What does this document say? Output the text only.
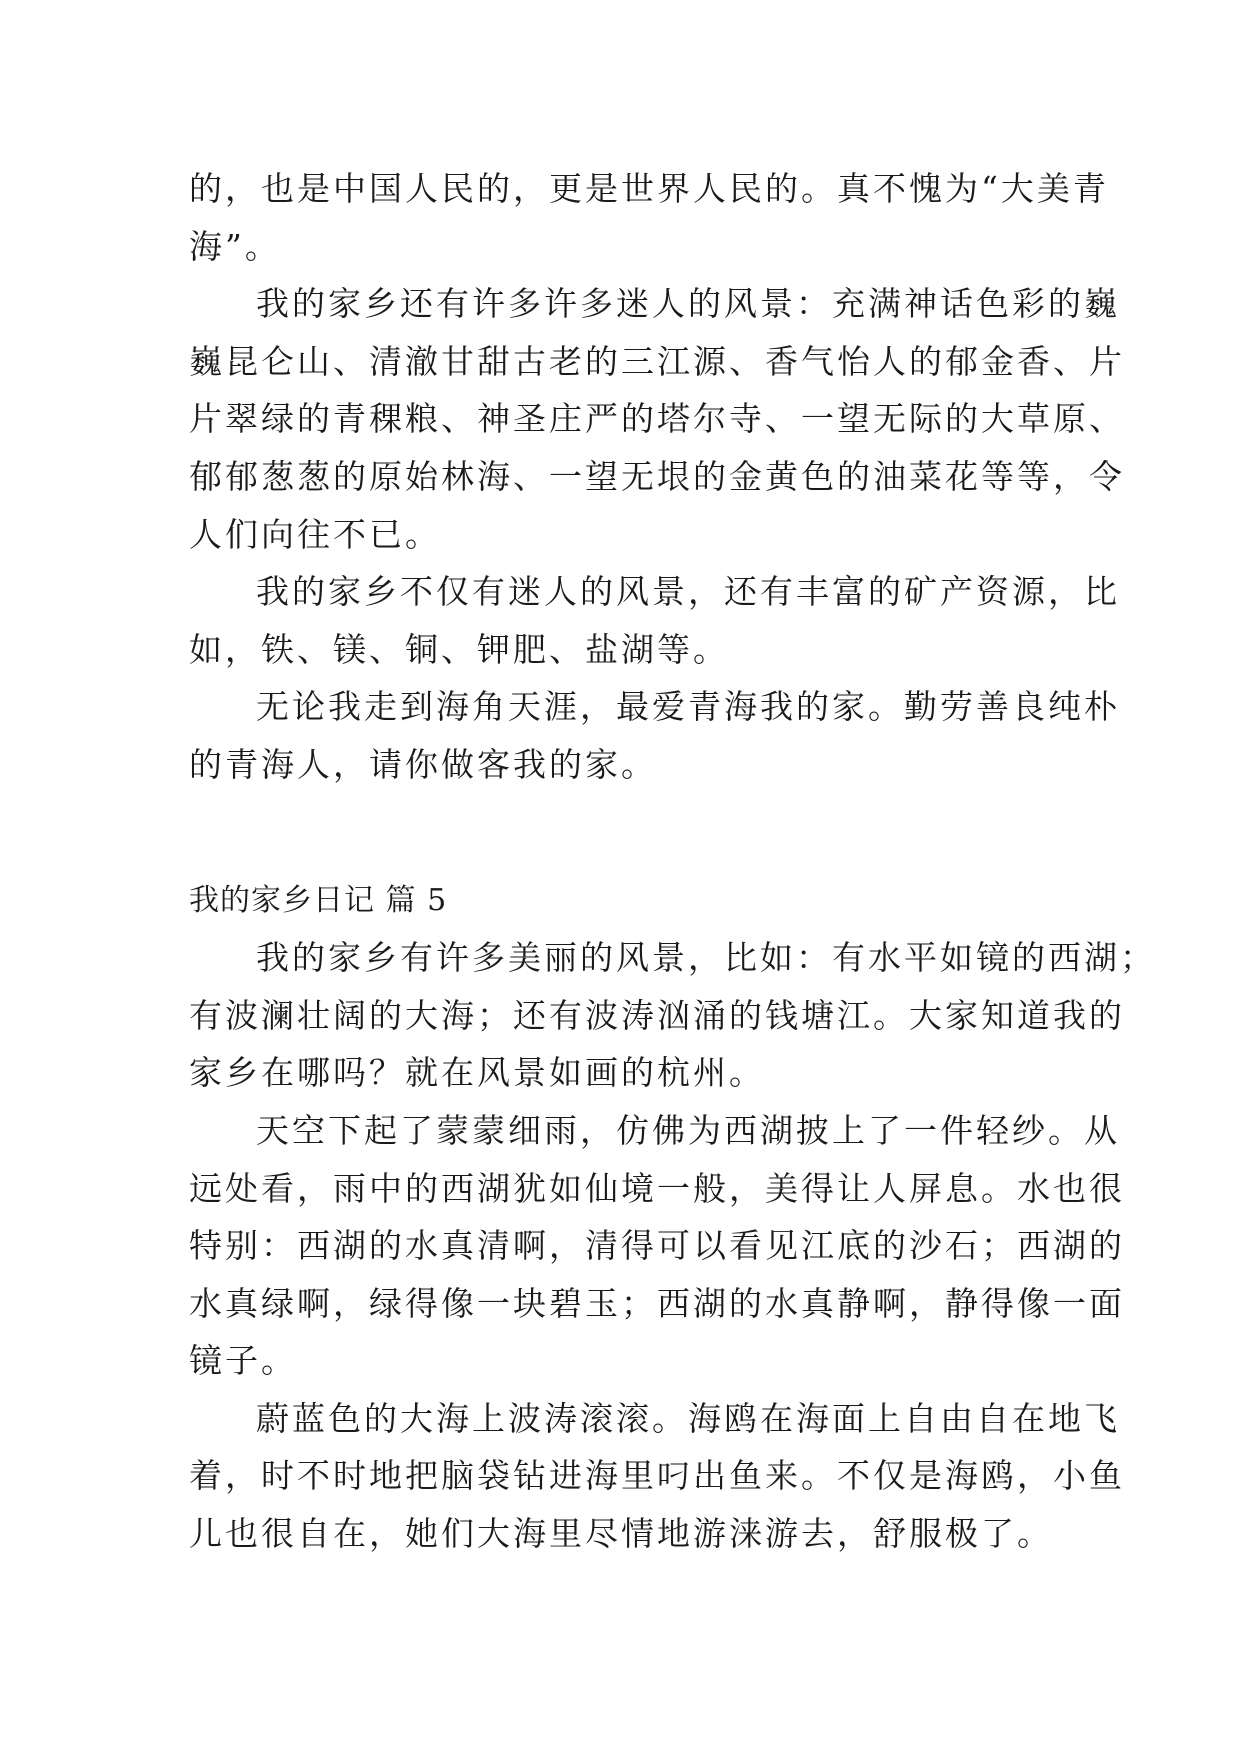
的，也是中国人民的，更是世界人民的。真不愧为“大美青
海”。
我的家乡还有许多许多迷人的风景：充满神话色彩的巍
巍昆仑山、清澈甘甜古老的三江源、香气怡人的郁金香、片
片翠绿的青稞粮、神圣庄严的塔尔寺、一望无际的大草原、
郁郁葱葱的原始林海、一望无垠的金黄色的油菜花等等，令
人们向往不已。
我的家乡不仅有迷人的风景，还有丰富的矿产资源，比
如，铁、镁、铜、钾肥、盐湖等。
无论我走到海角天涯，最爱青海我的家。勤劳善良纯朴
的青海人，请你做客我的家。
我的家乡日记 篇 5
我的家乡有许多美丽的风景，比如：有水平如镜的西湖；
有波澜壮阔的大海；还有波涛汹涌的钱塘江。大家知道我的
家乡在哪吗？就在风景如画的杭州。
天空下起了蒙蒙细雨，仿佛为西湖披上了一件轻纱。从
远处看，雨中的西湖犹如仙境一般，美得让人屏息。水也很
特别：西湖的水真清啊，清得可以看见江底的沙石；西湖的
水真绿啊，绿得像一块碧玉；西湖的水真静啊，静得像一面
镜子。
蔚蓝色的大海上波涛滚滚。海鸥在海面上自由自在地飞
着，时不时地把脑袋钻进海里叼出鱼来。不仅是海鸥，小鱼
儿也很自在，她们大海里尽情地游涞游去，舒服极了。
